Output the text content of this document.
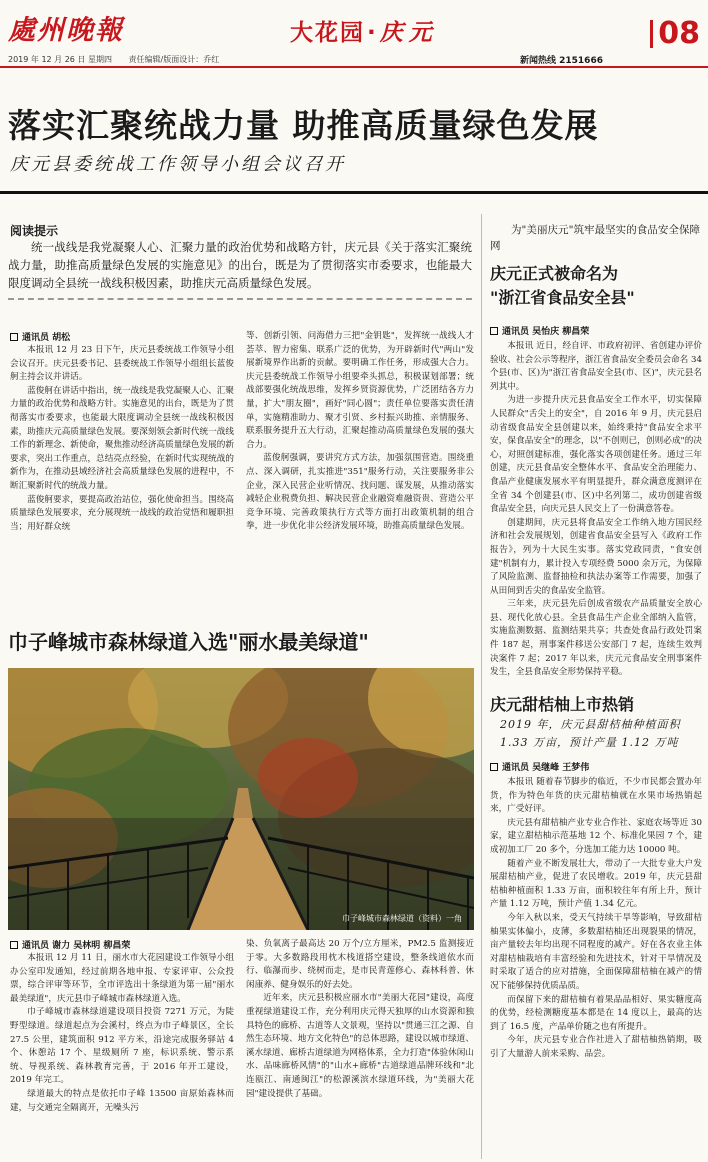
處州晚報	大花园·庆元	08
2019 年 12 月 26 日 星期四 责任编辑/版面设计：乔红	新闻热线 2151666
落实汇聚统战力量 助推高质量绿色发展
庆元县委统战工作领导小组会议召开
阅读提示
统一战线是我党凝聚人心、汇聚力量的政治优势和战略方针，庆元县《关于落实汇聚统战力量，助推高质量绿色发展的实施意见》的出台，既是为了贯彻落实市委要求，也能最大限度调动全县统一战线积极因素，助推庆元高质量绿色发展。
通讯员 胡松

本报讯 12 月 23 日下午，庆元县委统战工作领导小组会议召开。庆元县委书记、县委统战工作领导小组组长蓝俊舸主持会议并讲话。

蓝俊舸在讲话中指出，统一战线是我党凝聚人心、汇聚力量的政治优势和战略方针。实施意见的出台，既是为了贯彻落实市委要求，也能最大限度调动全县统一战线积极因素，助推庆元高质量绿色发展。要深刻领会新时代统一战线工作的新理念、新使命，聚焦推动经济高质量绿色发展的新要求，突出工作重点，总结亮点经验，在新时代实现统战的新作为，在推动县域经济社会高质量绿色发展的进程中，不断汇聚新时代的统战力量。

蓝俊舸要求，要提高政治站位，强化使命担当。围绕高质量绿色发展要求，充分展现统一战线的政治觉悟和履职担当；用好群众统

等、创新引领、问海借力三把"金钥匙"，发挥统一战线人才荟萃、智力密集、联系广泛的优势，为开辟新时代"两山"发展新境界作出新的贡献。要明确工作任务，形成强大合力。庆元县委统战工作领导小组要牵头抓总，积极谋划部署；统战部要强化统战思维，发挥乡贤资源优势，广泛团结各方力量，扩大"朋友圈"，画好"同心圆"；责任单位要落实责任清单，实施精准助力、聚才引贤、乡村振兴助推、亲情服务、联系服务提升五大行动，汇聚起推动高质量绿色发展的强大合力。

蓝俊舸强调，要讲究方式方法，加强氛围营造。围绕重点、深入调研，扎实推进"351"服务行动，关注要服务非公企业，深入民营企业听情况、找问题、谋发展，从推动落实减轻企业税费负担、解决民营企业融资难融资贵、营造公平竞争环境、完善政策执行方式等方面打出政策机制的组合拳，进一步优化非公经济发展环境，助推高质量绿色发展。

巾子峰城市森林绿道入选"丽水最美绿道"
巾子峰城市森林绿道（资料）一角
通讯员 谢力 吴林明 柳昌荣

本报讯 12 月 11 日，丽水市大花园建设工作领导小组办公室印发通知，经过前期各地申报、专家评审、公众投票，综合评审等环节，全市评选出十条绿道为第一届"丽水最美绿道"，庆元县巾子峰城市森林绿道入选。

巾子峰城市森林绿道建设项目投资 7271 万元，为陡野型绿道。绿道起点为会溪村，终点为巾子峰景区，全长 27.5 公里，建筑面积 912 平方米，沿途完成服务驿站 4 个、休憩站 17 个、星级厕所 7 座，标识系统、警示系统、导视系统、森林教育完善，于 2016 年开工建设，2019 年完工。

绿道最大的特点是依托巾子峰 13500 亩原始森林而建，与交通完全隔离开，无噪头污

染、负氧离子最高达 20 万个/立方厘米，PM2.5 监测接近于零。大多数路段用枕木栈道搭空建设，整条线道依水而行、临瀑而步、绕树而走，是市民青莲修心、森林科普、休闲康养、健身娱乐的好去处。

近年来，庆元县积极应丽水市"美丽大花园"建设，高度重视绿道建设工作，充分利用庆元得天独厚的山水资源和独具特色的廊桥、古道等人文景观，坚持以"贯通三江之源、自然生态环境、地方文化特色"的总体思路，建设以城市绿道、溪水绿道、廊桥古道绿道为网格体系，全力打造"体验休闲山水、品味廊桥风情"的"山水+廊桥"古道绿道品牌环线和"北连瓯江、南通闽江"的松源溪滨水绿道环线，为"美丽大花园"建设提供了基础。

为"美丽庆元"筑牢最坚实的食品安全保障网
庆元正式被命名为
"浙江省食品安全县"
通讯员 吴怡庆 柳昌荣

本报讯 近日，经自评、市政府初评、省创建办评价验收、社会公示等程序，浙江省食品安全委员会命名 34 个县(市、区)为"浙江省食品安全县(市、区)"，庆元县名列其中。

为进一步提升庆元县食品安全工作水平，切实保障人民群众"舌尖上的安全"，自 2016 年 9 月，庆元县启动省级食品安全县创建以来，始终秉持"食品安全求平安，保食品安全"的理念，以"不创则已，创则必成"的决心，对照创建标准，强化落实各项创建任务。通过三年创建，庆元县食品安全整体水平、食品安全治理能力、食品产业健康发展水平有明显提升，群众满意度测评在全省 34 个创建县(市、区)中名列第二，成功创建省级食品安全县，向庆元县人民交上了一份满意答卷。

创建期间，庆元县将食品安全工作纳入地方国民经济和社会发展规划，创建省食品安全县写入《政府工作报告》，列为十大民生实事。落实党政同责，"食安创建"机制有力，累计投入专项经费 5000 余万元，为保障了风险监测、监督抽检和执法办案等工作需要，加强了从田间到舌尖的食品安全监管。

三年来，庆元县先后创成省级农产品质量安全放心县、现代化放心县。全县食品生产企业全部纳入监管，实施监测数据、监测结果共享；共查处食品行政处罚案件 187 起，刑事案件移送公安部门 7 起，连续生效判决案件 7 起；2017 年以来，庆元元食品安全刑事案件发生，全县食品安全形势保持平稳。

庆元甜桔柚上市热销
2019 年，庆元县甜桔柚种植面积 1.33 万亩，预计产量 1.12 万吨
通讯员 吴继峰 王梦伟

本报讯 随着春节脚步的临近，不少市民都会置办年货，作为特色年货的庆元甜桔柚就在水果市场热销起来，广受好评。

庆元县有甜桔柚产业专业合作社、家庭农场等近 30 家，建立甜桔柚示范基地 12 个、标准化果园 7 个，建成初加工厂 20 多个，分选加工能力达 10000 吨。

随着产业不断发展壮大，带动了一大批专业大户发展甜桔柚产业，促进了农民增收。2019 年，庆元县甜桔柚种植面积 1.33 万亩，面积较往年有所上升，预计产量 1.12 万吨，预计产值 1.34 亿元。

今年入秋以来，受天气持续干旱等影响，导致甜桔柚果实体偏小，皮薄，多数甜桔柚还出现裂果的情况，亩产量较去年均出现不同程度的减产。好在各农业主体对甜桔柚栽培有丰富经验和先进技术，针对干旱情况及时采取了适合的应对措施，全面保障甜桔柚在减产的情况下能够保持优质品质。

而保留下来的甜桔柚有着果品品相好、果实糖度高的优势，经检测糖度基本都是在 14 度以上，最高的达到了 16.5 度，产品单价随之也有所提升。

今年，庆元县专业合作社进入了甜桔柚热销期，吸引了大量游人前来采购、品尝。
